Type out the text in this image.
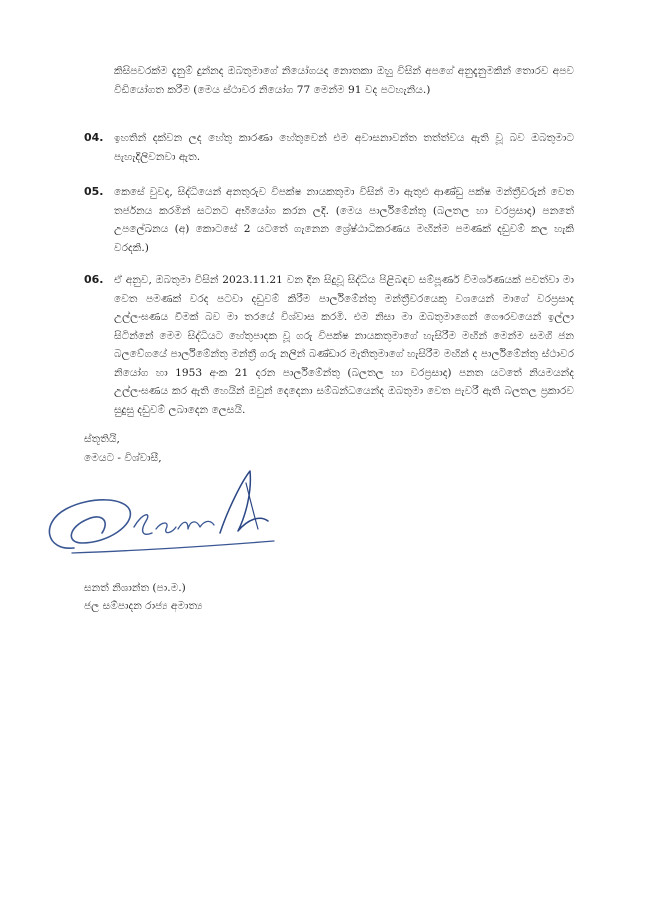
කිසිපවරක්ම දැනුම් දුන්නද ඔබතුමාගේ නියෝගයද නොතකා ඔහු විසින් අපගේ අනුදැනුමකින් තොරව අපව විඩියෝගත කරීම (මෙය ස්ථාවර නියෝග 77 මෙන්ම 91 වද පටහැනිය.)
04. ඉහතින් දක්වන ලද හේතු කාරණා හේතුවෙන් එම අවාසනාවන්ත තත්ත්වය ඇති වූ බව ඔබතුමාට පැහැදිලිවනවා ඇත.
05. කෙසේ වුවද, සිද්ධියෙන් අනතුරුව විපක්ෂ නායකතුමා විසින් මා ඇතුළු ආණ්ඩු පක්ෂ මන්ත්‍රීවරුන් වෙත තර්ජනය කරමින් සටනට අභියෝග කරන ලදි. (මෙය පාර්ලිමේන්තු (බලතල හා වරප්‍රසාද) පනතේ උපලේඛනය (අ) කොටසේ 2 යටතේ ගැනෙන ශ්‍රේෂ්ඨාධිකරණය මඟින්ම පමණක් දඩුවම් කල හැකි වරදකි.)
06. ඒ අනුව, ඔබතුමා විසින් 2023.11.21 වන දින සිදුවූ සිද්ධිය පිළිබඳව සම්පූර්ණ විමර්ශණයක් පවත්වා මා වෙත පමණක් වරද පටවා දඩුවම් කිරීම පාර්ලිමේන්තු මන්ත්‍රීවරයෙකු වශයෙන් මාගේ වරප්‍රසාද උල්ලංඝණය වීමක් බව මා තරයේ විශ්වාස කරමි. එම නිසා මා ඔබතුමාගෙන් ගෞරවයෙන් ඉල්ලා සිටින්නේ මෙම සිද්ධියට හේතුපාදක වූ ගරු විපක්ෂ නායකතුමාගේ හැසිරීම මඟින් මෙන්ම සමගි ජන බලවේගයේ පාර්ලිමේන්තු මන්ත්‍රී ගරු නලින් බණ්ඩාර මැතිතුමාගේ හැසිරීම මඟින් ද පාර්ලිමේන්තු ස්ථාවර නියෝග හා 1953 අංක 21 දරන පාර්ලිමේන්තු (බලතල හා වරප්‍රසාද) පනත යටතේ නියමයන්ද උල්ලංඝණය කර ඇති හෙයින් ඔවුන් දෙදෙනා සම්බන්ධයෙන්ද ඔබතුමා වෙත පැවරී ඇති බලතල ප්‍රකාරව සුදුසු දඩුවම් ලබාදෙන ලෙසයි.
ස්තූතියි,
මෙයට - විශ්වාසී,
සනත් නිශාන්ත (පා.ම.)
ජල සම්පාදන රාජ්‍ය අමාත්‍ය
